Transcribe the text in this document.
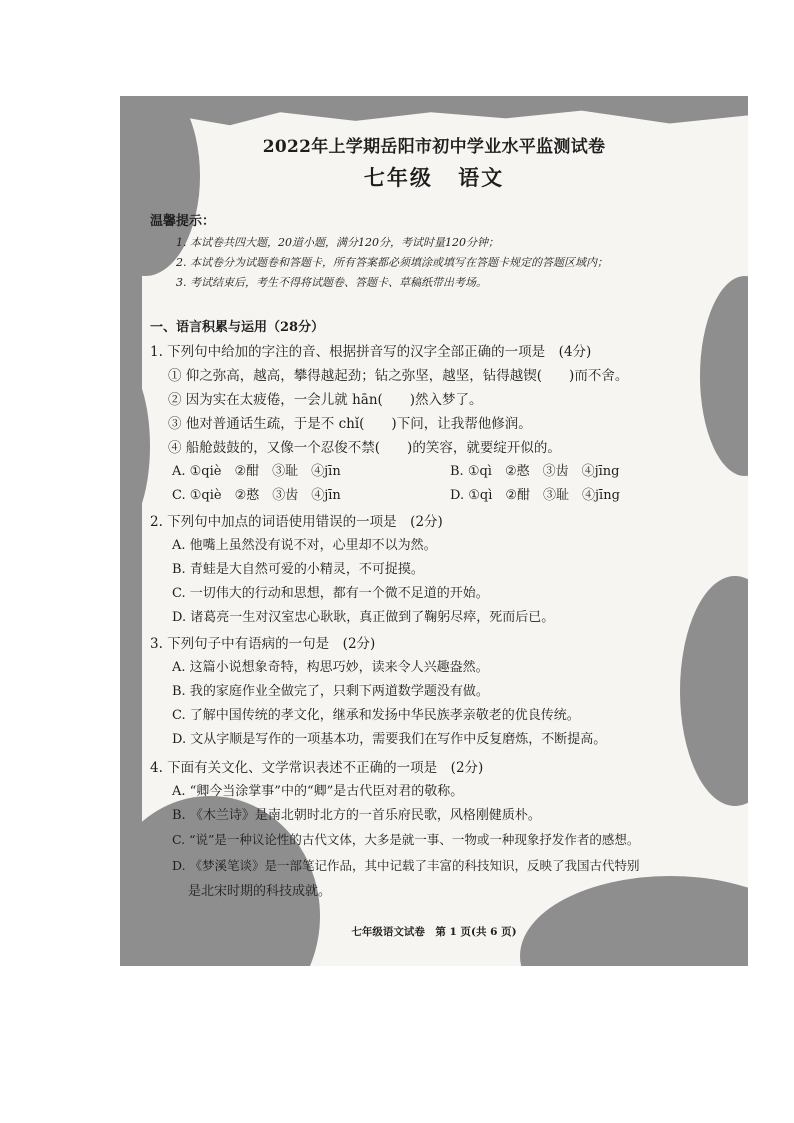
2022年上学期岳阳市初中学业水平监测试卷
七年级 语文
温馨提示：
1. 本试卷共四大题，20道小题，满分120分，考试时量120分钟；
2. 本试卷分为试题卷和答题卡，所有答案都必须填涂或填写在答题卡规定的答题区域内；
3. 考试结束后，考生不得将试题卷、答题卡、草稿纸带出考场。
一、语言积累与运用（28分）
1. 下列句中给加的字注的音、根据拼音写的汉字全部正确的一项是　(4分)
① 仰之弥高，越高，攀得越起劲；钻之弥坚，越坚，钻得越锲(　　)而不舍。
② 因为实在太疲倦，一会儿就 hān(　　)然入梦了。
③ 他对普通话生疏，于是不 chǐ(　　)下问，让我帮他修润。
④ 船舱鼓鼓的，又像一个忍俊不禁(　　)的笑容，就要绽开似的。
A. ①qiè　②酣　③耻　④jīn	B. ①qì　②憨　③齿　④jīng
C. ①qiè　②憨　③齿　④jīn	D. ①qì　②酣　③耻　④jīng
2. 下列句中加点的词语使用错误的一项是　(2分)
A. 他嘴上虽然没有说不对，心里却不以为然。
B. 青蛙是大自然可爱的小精灵，不可捉摸。
C. 一切伟大的行动和思想，都有一个微不足道的开始。
D. 诸葛亮一生对汉室忠心耿耿，真正做到了鞠躬尽瘁，死而后已。
3. 下列句子中有语病的一句是　(2分)
A. 这篇小说想象奇特，构思巧妙，读来令人兴趣盎然。
B. 我的家庭作业全做完了，只剩下两道数学题没有做。
C. 了解中国传统的孝文化，继承和发扬中华民族孝亲敬老的优良传统。
D. 文从字顺是写作的一项基本功，需要我们在写作中反复磨炼，不断提高。
4. 下面有关文化、文学常识表述不正确的一项是　(2分)
A. “卿今当涂掌事”中的“卿”是古代臣对君的敬称。
B. 《木兰诗》是南北朝时北方的一首乐府民歌，风格刚健质朴。
C. “说”是一种议论性的古代文体，大多是就一事、一物或一种现象抒发作者的感想。
D. 《梦溪笔谈》是一部笔记作品，其中记载了丰富的科技知识，反映了我国古代特别
是北宋时期的科技成就。
七年级语文试卷　第 1 页(共 6 页)
